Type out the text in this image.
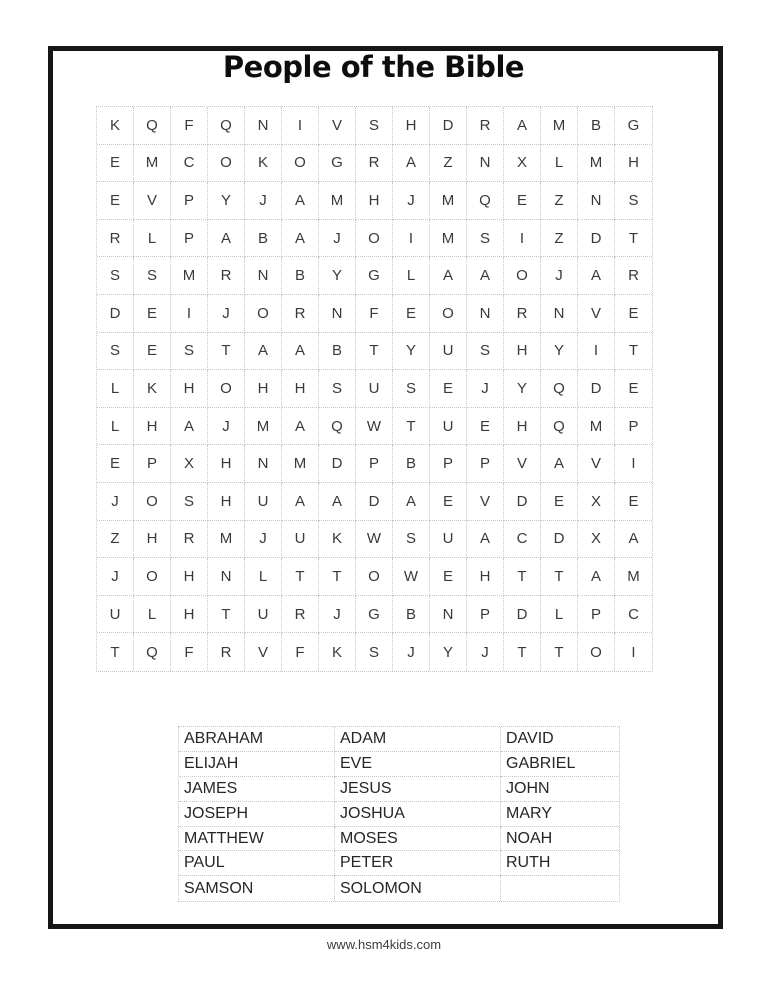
People of the Bible
K	Q	F	Q	N	I	V	S	H	D	R	A	M	B	G
E	M	C	O	K	O	G	R	A	Z	N	X	L	M	H
E	V	P	Y	J	A	M	H	J	M	Q	E	Z	N	S
R	L	P	A	B	A	J	O	I	M	S	I	Z	D	T
S	S	M	R	N	B	Y	G	L	A	A	O	J	A	R
D	E	I	J	O	R	N	F	E	O	N	R	N	V	E
S	E	S	T	A	A	B	T	Y	U	S	H	Y	I	T
L	K	H	O	H	H	S	U	S	E	J	Y	Q	D	E
L	H	A	J	M	A	Q	W	T	U	E	H	Q	M	P
E	P	X	H	N	M	D	P	B	P	P	V	A	V	I
J	O	S	H	U	A	A	D	A	E	V	D	E	X	E
Z	H	R	M	J	U	K	W	S	U	A	C	D	X	A
J	O	H	N	L	T	T	O	W	E	H	T	T	A	M
U	L	H	T	U	R	J	G	B	N	P	D	L	P	C
T	Q	F	R	V	F	K	S	J	Y	J	T	T	O	I
ABRAHAM	ADAM	DAVID
ELIJAH	EVE	GABRIEL
JAMES	JESUS	JOHN
JOSEPH	JOSHUA	MARY
MATTHEW	MOSES	NOAH
PAUL	PETER	RUTH
SAMSON	SOLOMON
www.hsm4kids.com
